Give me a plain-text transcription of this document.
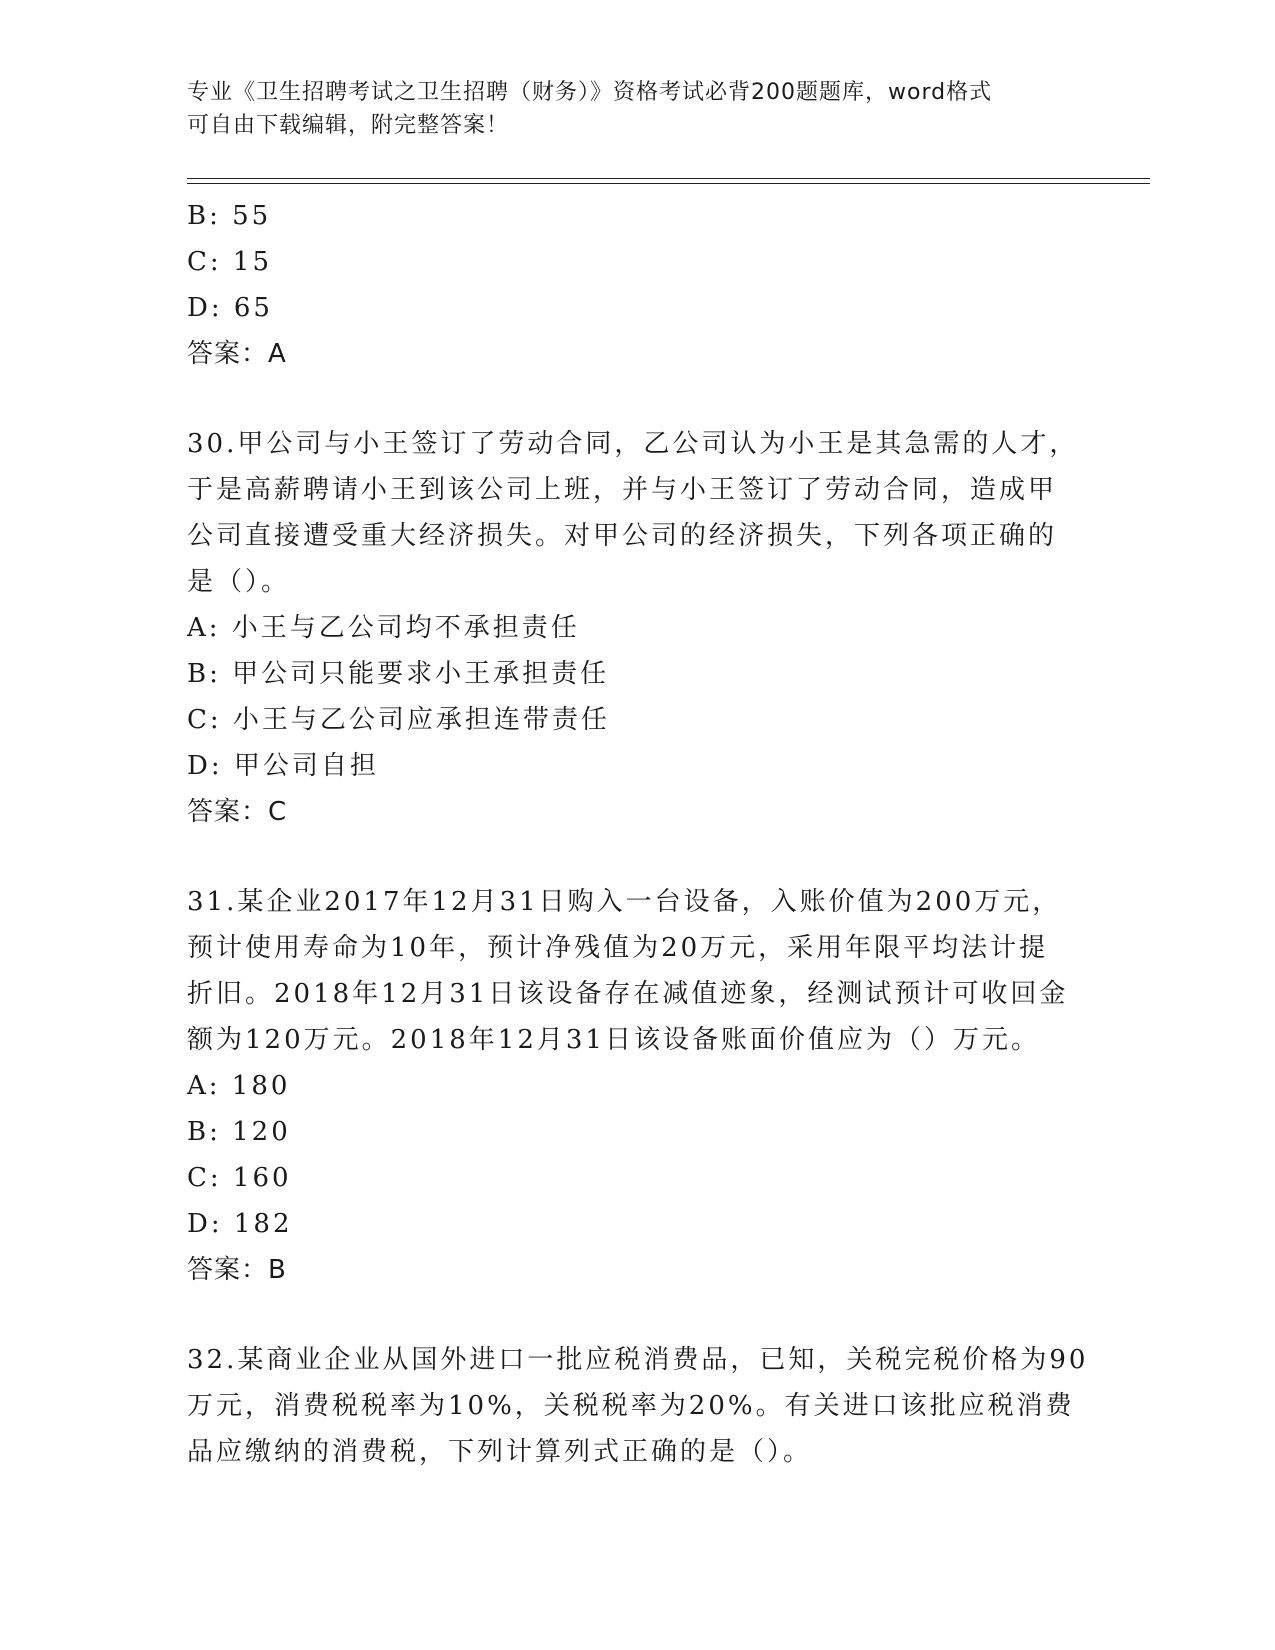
专业《卫生招聘考试之卫生招聘（财务）》资格考试必背200题题库，word格式
可自由下载编辑，附完整答案！
B: 55
C: 15
D: 65
答案：A
30.甲公司与小王签订了劳动合同，乙公司认为小王是其急需的人才，
于是高薪聘请小王到该公司上班，并与小王签订了劳动合同，造成甲
公司直接遭受重大经济损失。对甲公司的经济损失，下列各项正确的
是（）。
A: 小王与乙公司均不承担责任
B: 甲公司只能要求小王承担责任
C: 小王与乙公司应承担连带责任
D: 甲公司自担
答案：C
31.某企业2017年12月31日购入一台设备，入账价值为200万元，
预计使用寿命为10年，预计净残值为20万元，采用年限平均法计提
折旧。2018年12月31日该设备存在减值迹象，经测试预计可收回金
额为120万元。2018年12月31日该设备账面价值应为（）万元。
A: 180
B: 120
C: 160
D: 182
答案：B
32.某商业企业从国外进口一批应税消费品，已知，关税完税价格为90
万元，消费税税率为10%，关税税率为20%。有关进口该批应税消费
品应缴纳的消费税，下列计算列式正确的是（）。
